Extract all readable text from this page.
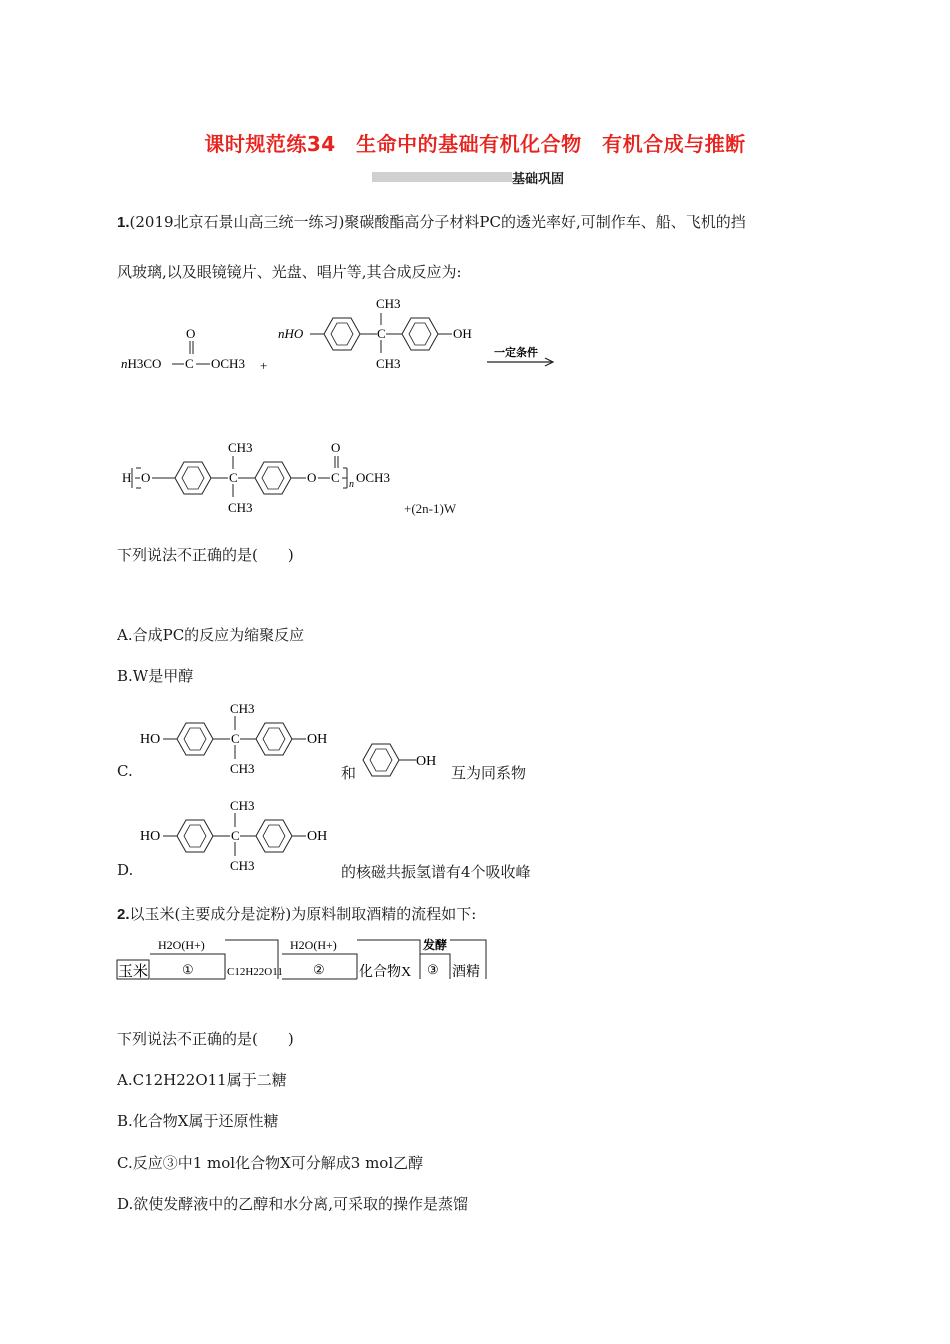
课时规范练34　生命中的基础有机化合物　有机合成与推断
基础巩固
1.(2019北京石景山高三统一练习)聚碳酸酯高分子材料PC的透光率好,可制作车、船、飞机的挡
风玻璃,以及眼镜镜片、光盘、唱片等,其合成反应为:
nH3CO C
O
OCH3 +
nHO	C
CH3
CH3
OH
一定条件
H O	C
CH3
CH3
O C
O
n OCH3
+(2n-1)W
下列说法不正确的是(　　)
A.合成PC的反应为缩聚反应
B.W是甲醇
C.
HO	C
CH3
CH3
OH
和
OH
互为同系物
D.
HO	C
CH3
CH3
OH
的核磁共振氢谱有4个吸收峰
2.以玉米(主要成分是淀粉)为原料制取酒精的流程如下:
玉米
H2O(H+)
①	C12H22O11
H2O(H+)
② 化合物X
发酵
③ 酒精
下列说法不正确的是(　　)
A.C12H22O11属于二糖
B.化合物X属于还原性糖
C.反应③中1 mol化合物X可分解成3 mol乙醇
D.欲使发酵液中的乙醇和水分离,可采取的操作是蒸馏
